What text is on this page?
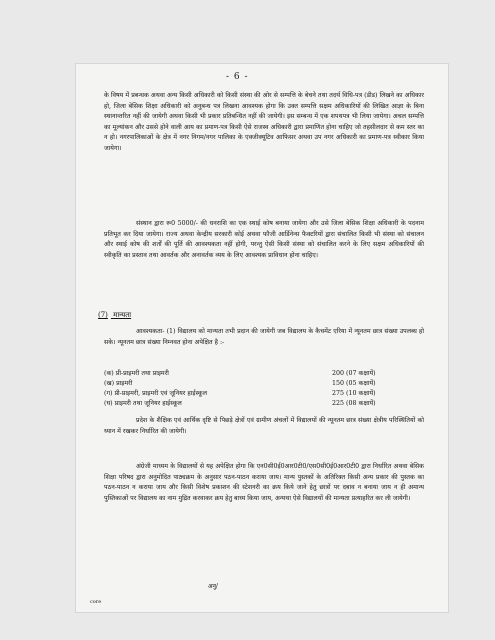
- 6 -

के विषय में प्रबन्धक अथवा अन्य किसी अधिकारी को किसी संस्था की ओर से सम्पत्ति के बेचने तथा तदर्थ विधि-पत्र (डीड) लिखने का अधिकार हो, जिला बेसिक शिक्षा अधिकारी को अनुबन्ध पत्र लिखना आवश्यक होगा कि उक्त सम्पत्ति सक्षम अधिकारियों की लिखित आज्ञा के बिना स्थानान्तरित नहीं की जायेगी अथवा किसी भी प्रकार प्रतिबन्धित नहीं की जायेगी। इस सम्बन्ध में एक शपथपत्र भी लिया जायेगा। अचल सम्पत्ति का मूल्यांकन और उससे होने वाली आय का प्रमाण-पत्र किसी ऐसे राजस्व अधिकारी द्वारा प्रमाणित होना चाहिए जो तहसीलदार से कम स्तर का न हो। नगरपालिकाओं के क्षेत्र में नगर निगम/नगर पालिका के एक्जीक्यूटिव आफिसर अथवा उप नगर अधिकारी का प्रमाण-पत्र स्वीकार किया जायेगा।

संस्थान द्वारा रू0 5000/- की धनराशि का एक स्थाई कोष बनाया जायेगा और उसे जिला बेसिक शिक्षा अधिकारी के पदनाम प्रतिभूत कर दिया जायेगा। राज्य अथवा केन्द्रीय सरकारी कोई अथवा फौजी आर्डिनेन्स फैक्टरियों द्वारा संचालित किसी भी संस्था को संचालन और स्थाई कोष की शर्तों की पूर्ति की आवश्यकता नहीं होगी, परन्तु ऐसी किसी संस्था को संचालित करने के लिए सक्षम अधिकारियों की स्वीकृति का प्रस्ताव तथा आवर्तक और अनावर्तक व्यय के लिए आवश्यक प्राविधान होना चाहिए।

(7) मान्यता

आवश्यकता- (1) विद्यालय को मान्यता तभी प्रदान की जायेगी जब विद्यालय के कैचमेंट एरिया में न्यूनतम छात्र संख्या उपलब्ध हो सके। न्यूनतम छात्र संख्या निम्नवत होना अपेक्षित है :-

(क) प्री-प्राइमरी तथा प्राइमरी	200 (07 कक्षायें)
(ख) प्राइमरी	150 (05 कक्षायें)
(ग) प्री-प्राइमरी, प्राइमरी एवं जूनियर हाईस्कूल	275 (10 कक्षायें)
(घ) प्राइमरी तथा जूनियर हाईस्कूल	225 (08 कक्षायें)

प्रदेश के शैक्षिक एवं आर्थिक दृष्टि से पिछड़े क्षेत्रों एवं ग्रामीण अंचलों में विद्यालयों की न्यूनतम छात्र संख्या क्षेत्रीय परिस्थितियों को ध्यान में रखकर निर्धारित की जायेगी।

अंग्रेजी माध्यम के विद्यालयों से यह अपेक्षित होगा कि एन0सी0ई0आर0टी0/एस0सी0ई0आर0टी0 द्वारा निर्धारित अथवा बेसिक शिक्षा परिषद द्वारा अनुमोदित पाठ्यक्रम के अनुसार पठन-पाठन कराया जाय। मान्य पुस्तकों के अतिरिक्त किसी अन्य प्रकार की पुस्तक का पठन-पाठन न कराया जाय और किसी विशेष प्रकाशन की स्टेशनरी का क्रय किये जाने हेतु छात्रों पर दबाव न बनाया जाय न ही अमान्य पुस्तिकाओं पर विद्यालय का नाम मुद्रित करवाकर क्रय हेतु बाध्य किया जाय, अन्यथा ऐसे विद्यालयों की मान्यता प्रत्याहरित कर ली जायेगी।

अनु/
core
